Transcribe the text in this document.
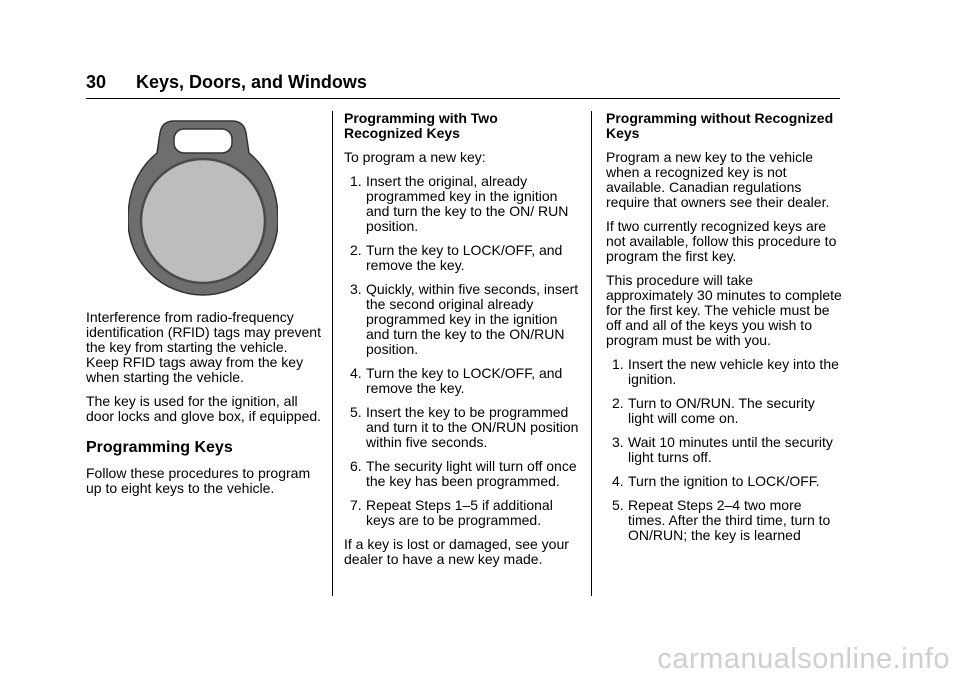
30	Keys, Doors, and Windows

Interference from radio-frequency identification (RFID) tags may prevent the key from starting the vehicle. Keep RFID tags away from the key when starting the vehicle.

The key is used for the ignition, all door locks and glove box, if equipped.

Programming Keys

Follow these procedures to program up to eight keys to the vehicle.

Programming with Two Recognized Keys

To program a new key:

1 . Insert the original, already programmed key in the ignition and turn the key to the ON/ RUN position.
2 . Turn the key to LOCK/OFF, and remove the key.
3 . Quickly, within five seconds, insert the second original already programmed key in the ignition and turn the key to the ON/RUN position.
4 . Turn the key to LOCK/OFF, and remove the key.
5 . Insert the key to be programmed and turn it to the ON/RUN position within five seconds.
6 . The security light will turn off once the key has been programmed.
7 . Repeat Steps 1–5 if additional keys are to be programmed.

If a key is lost or damaged, see your dealer to have a new key made.

Programming without Recognized Keys

Program a new key to the vehicle when a recognized key is not available. Canadian regulations require that owners see their dealer.

If two currently recognized keys are not available, follow this procedure to program the first key.

This procedure will take approximately 30 minutes to complete for the first key. The vehicle must be off and all of the keys you wish to program must be with you.

1 . Insert the new vehicle key into the ignition.
2 . Turn to ON/RUN. The security light will come on.
3 . Wait 10 minutes until the security light turns off.
4 . Turn the ignition to LOCK/OFF.
5 . Repeat Steps 2–4 two more times. After the third time, turn to ON/RUN; the key is learned
carmanualsonline.info
